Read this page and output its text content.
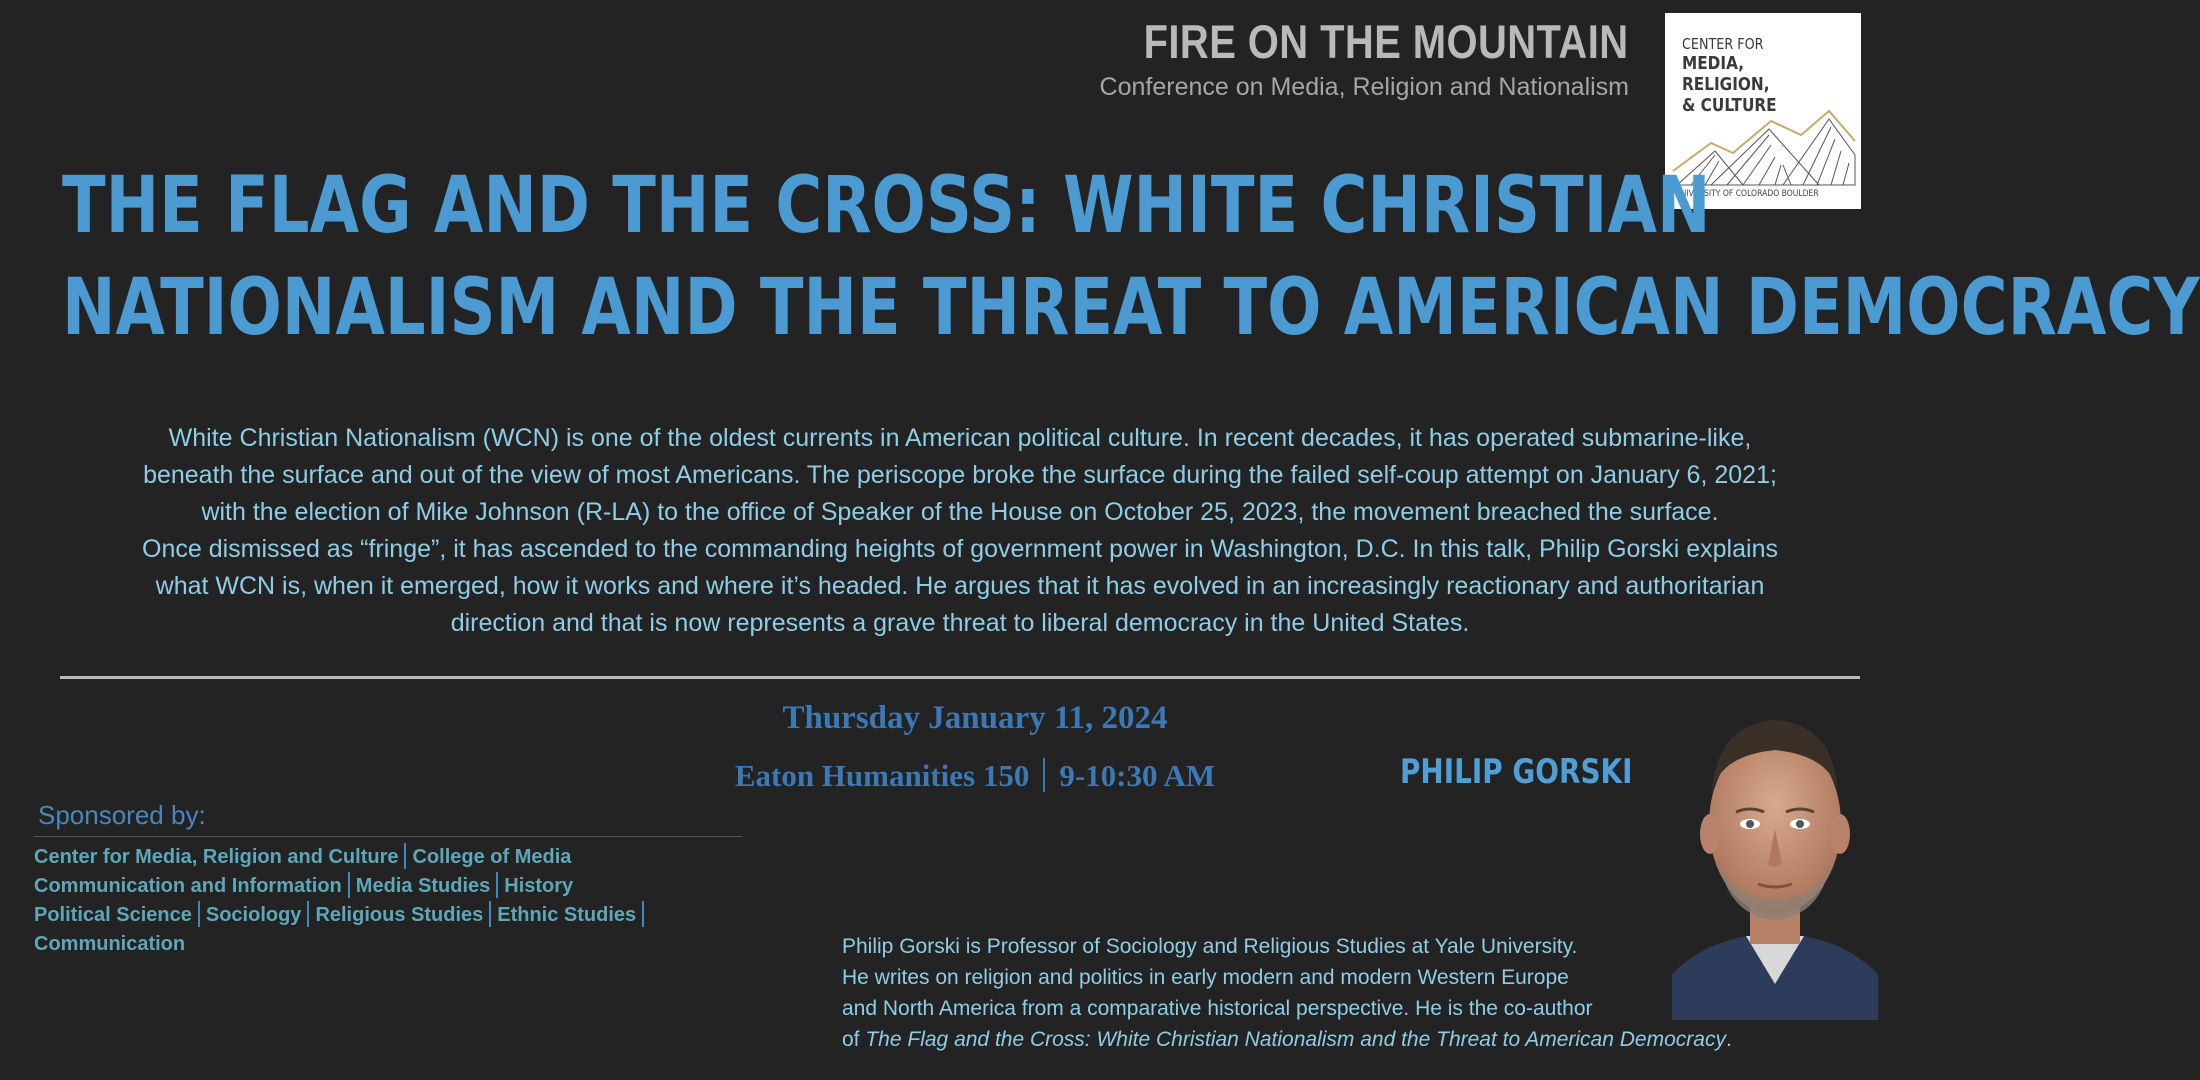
FIRE ON THE MOUNTAIN
Conference on Media, Religion and Nationalism
CENTER FOR
MEDIA, RELIGION,
& CULTURE
UNIVERSITY OF COLORADO BOULDER
THE FLAG AND THE CROSS: WHITE CHRISTIAN
NATIONALISM AND THE THREAT TO AMERICAN DEMOCRACY
White Christian Nationalism (WCN) is one of the oldest currents in American political culture. In recent decades, it has operated submarine-like,
beneath the surface and out of the view of most Americans. The periscope broke the surface during the failed self-coup attempt on January 6, 2021;
with the election of Mike Johnson (R-LA) to the office of Speaker of the House on October 25, 2023, the movement breached the surface.
Once dismissed as “fringe”, it has ascended to the commanding heights of government power in Washington, D.C. In this talk, Philip Gorski explains
what WCN is, when it emerged, how it works and where it’s headed. He argues that it has evolved in an increasingly reactionary and authoritarian
direction and that is now represents a grave threat to liberal democracy in the United States.
Thursday January 11, 2024
Eaton Humanities 150 9-10:30 AM	PHILIP GORSKI
Sponsored by:
Center for Media, Religion and Culture College of Media
Communication and Information Media Studies History
Political Science Sociology Religious Studies Ethnic Studies
Communication	Philip Gorski is Professor of Sociology and Religious Studies at Yale University.
He writes on religion and politics in early modern and modern Western Europe
and North America from a comparative historical perspective. He is the co-author
of The Flag and the Cross: White Christian Nationalism and the Threat to American Democracy.
